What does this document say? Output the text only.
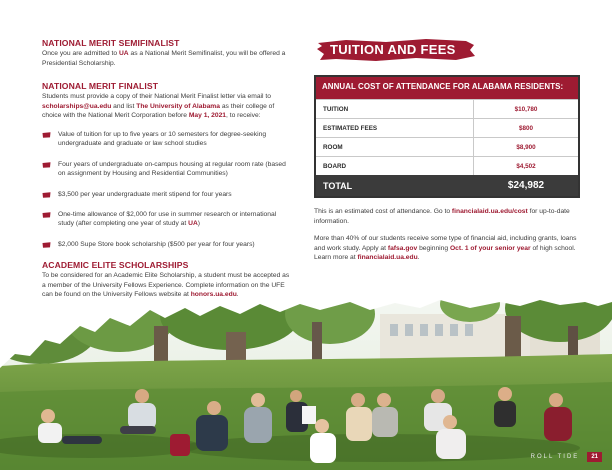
NATIONAL MERIT SEMIFINALIST
Once you are admitted to UA as a National Merit Semifinalist, you will be offered a Presidential Scholarship.
NATIONAL MERIT FINALIST
Students must provide a copy of their National Merit Finalist letter via email to scholarships@ua.edu and list The University of Alabama as their college of choice with the National Merit Corporation before May 1, 2021, to receive:
Value of tuition for up to five years or 10 semesters for degree-seeking undergraduate and graduate or law school studies
Four years of undergraduate on-campus housing at regular room rate (based on assignment by Housing and Residential Communities)
$3,500 per year undergraduate merit stipend for four years
One-time allowance of $2,000 for use in summer research or international study (after completing one year of study at UA)
$2,000 Supe Store book scholarship ($500 per year for four years)
ACADEMIC ELITE SCHOLARSHIPS
To be considered for an Academic Elite Scholarship, a student must be accepted as a member of the University Fellows Experience. Complete information on the UFE can be found on the University Fellows website at honors.ua.edu.
TUITION AND FEES
ANNUAL COST OF ATTENDANCE FOR ALABAMA RESIDENTS:
TUITION	$10,780
ESTIMATED FEES	$800
ROOM	$8,900
BOARD	$4,502
TOTAL	$24,982
This is an estimated cost of attendance. Go to financialaid.ua.edu/cost for up-to-date information.
More than 40% of our students receive some type of financial aid, including grants, loans and work study. Apply at fafsa.gov beginning Oct. 1 of your senior year of high school. Learn more at financialaid.ua.edu.
ROLL TIDE	21
